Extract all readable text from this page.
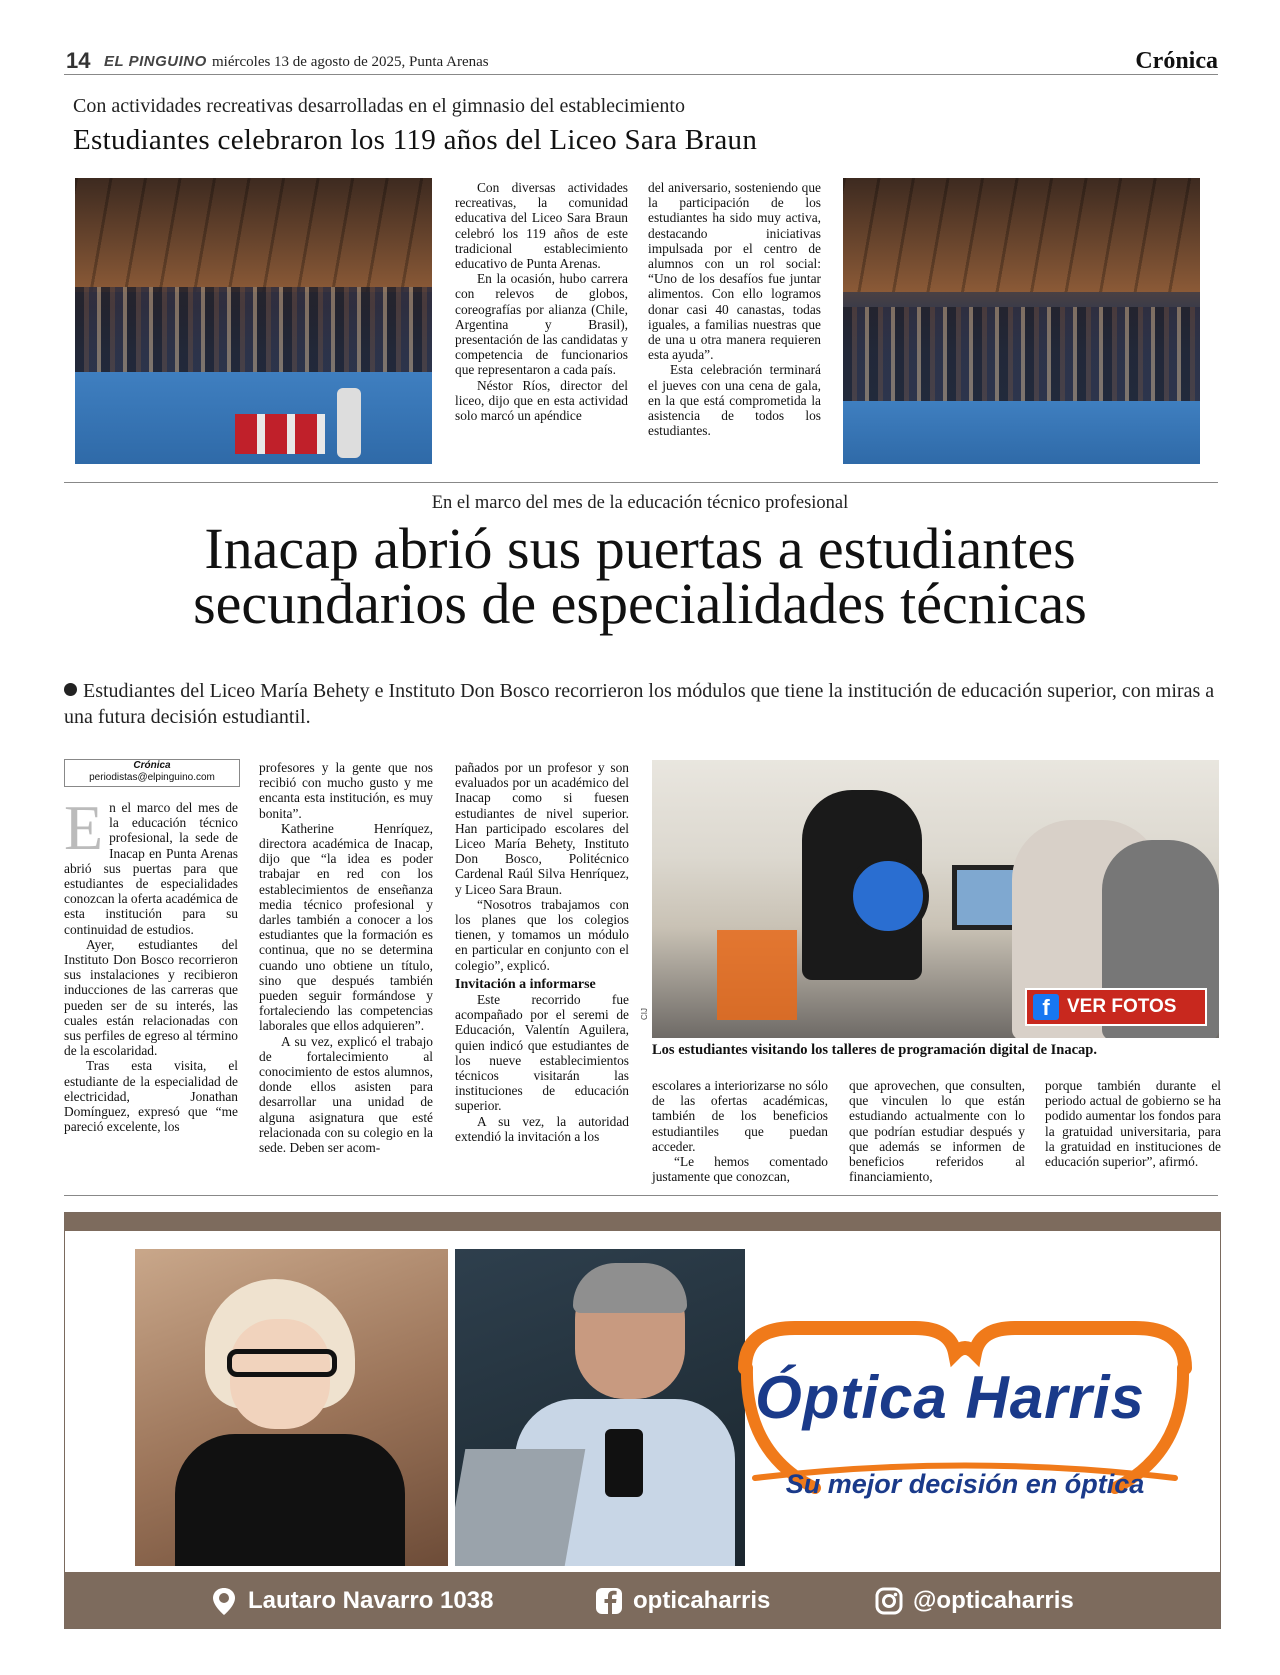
14 EL PINGUINO miércoles 13 de agosto de 2025, Punta Arenas	Crónica
Con actividades recreativas desarrolladas en el gimnasio del establecimiento
Estudiantes celebraron los 119 años del Liceo Sara Braun

Con diversas actividades recreativas, la comunidad educativa del Liceo Sara Braun celebró los 119 años de este tradicional establecimiento educativo de Punta Arenas.

En la ocasión, hubo carrera con relevos de globos, coreografías por alianza (Chile, Argentina y Brasil), presentación de las candidatas y competencia de funcionarios que representaron a cada país.

Néstor Ríos, director del liceo, dijo que en esta actividad solo marcó un apéndice

del aniversario, sosteniendo que la participación de los estudiantes ha sido muy activa, destacando iniciativas impulsada por el centro de alumnos con un rol social: “Uno de los desafíos fue juntar alimentos. Con ello logramos donar casi 40 canastas, todas iguales, a familias nuestras que de una u otra manera requieren esta ayuda”.

Esta celebración terminará el jueves con una cena de gala, en la que está comprometida la asistencia de todos los estudiantes.

En el marco del mes de la educación técnico profesional
Inacap abrió sus puertas a estudiantes
secundarios de especialidades técnicas
Estudiantes del Liceo María Behety e Instituto Don Bosco recorrieron los módulos que tiene la institución de educación superior, con miras a una futura decisión estudiantil.
Crónica
periodistas@elpinguino.com
E n el marco del mes de la educación técnico profesional, la sede de Inacap en Punta Arenas abrió sus puertas para que estudiantes de especialidades conozcan la oferta académica de esta institución para su continuidad de estudios.

Ayer, estudiantes del Instituto Don Bosco recorrieron sus instalaciones y recibieron inducciones de las carreras que pueden ser de su interés, las cuales están relacionadas con sus perfiles de egreso al término de la escolaridad.

Tras esta visita, el estudiante de la especialidad de electricidad, Jonathan Domínguez, expresó que “me pareció excelente, los

profesores y la gente que nos recibió con mucho gusto y me encanta esta institución, es muy bonita”.

Katherine Henríquez, directora académica de Inacap, dijo que “la idea es poder trabajar en red con los establecimientos de enseñanza media técnico profesional y darles también a conocer a los estudiantes que la formación es continua, que no se determina cuando uno obtiene un título, sino que después también pueden seguir formándose y fortaleciendo las competencias laborales que ellos adquieren”.

A su vez, explicó el trabajo de fortalecimiento al conocimiento de estos alumnos, donde ellos asisten para desarrollar una unidad de alguna asignatura que esté relacionada con su colegio en la sede. Deben ser acom-

pañados por un profesor y son evaluados por un académico del Inacap como si fuesen estudiantes de nivel superior. Han participado escolares del Liceo María Behety, Instituto Don Bosco, Politécnico Cardenal Raúl Silva Henríquez, y Liceo Sara Braun.

“Nosotros trabajamos con los planes que los colegios tienen, y tomamos un módulo en particular en conjunto con el colegio”, explicó.

Invitación a informarse

Este recorrido fue acompañado por el seremi de Educación, Valentín Aguilera, quien indicó que estudiantes de los nueve establecimientos técnicos visitarán las instituciones de educación superior.

A su vez, la autoridad extendió la invitación a los

f VER FOTOS
CIJ
Los estudiantes visitando los talleres de programación digital de Inacap.

escolares a interiorizarse no sólo de las ofertas académicas, también de los beneficios estudiantiles que puedan acceder.

“Le hemos comentado justamente que conozcan,

que aprovechen, que consulten, que vinculen lo que están estudiando actualmente con lo que podrían estudiar después y que además se informen de beneficios referidos al financiamiento,

porque también durante el periodo actual de gobierno se ha podido aumentar los fondos para la gratuidad universitaria, para la gratuidad en instituciones de educación superior”, afirmó.

Óptica Harris
Su mejor decisión en óptica
Lautaro Navarro 1038	opticaharris	@opticaharris
